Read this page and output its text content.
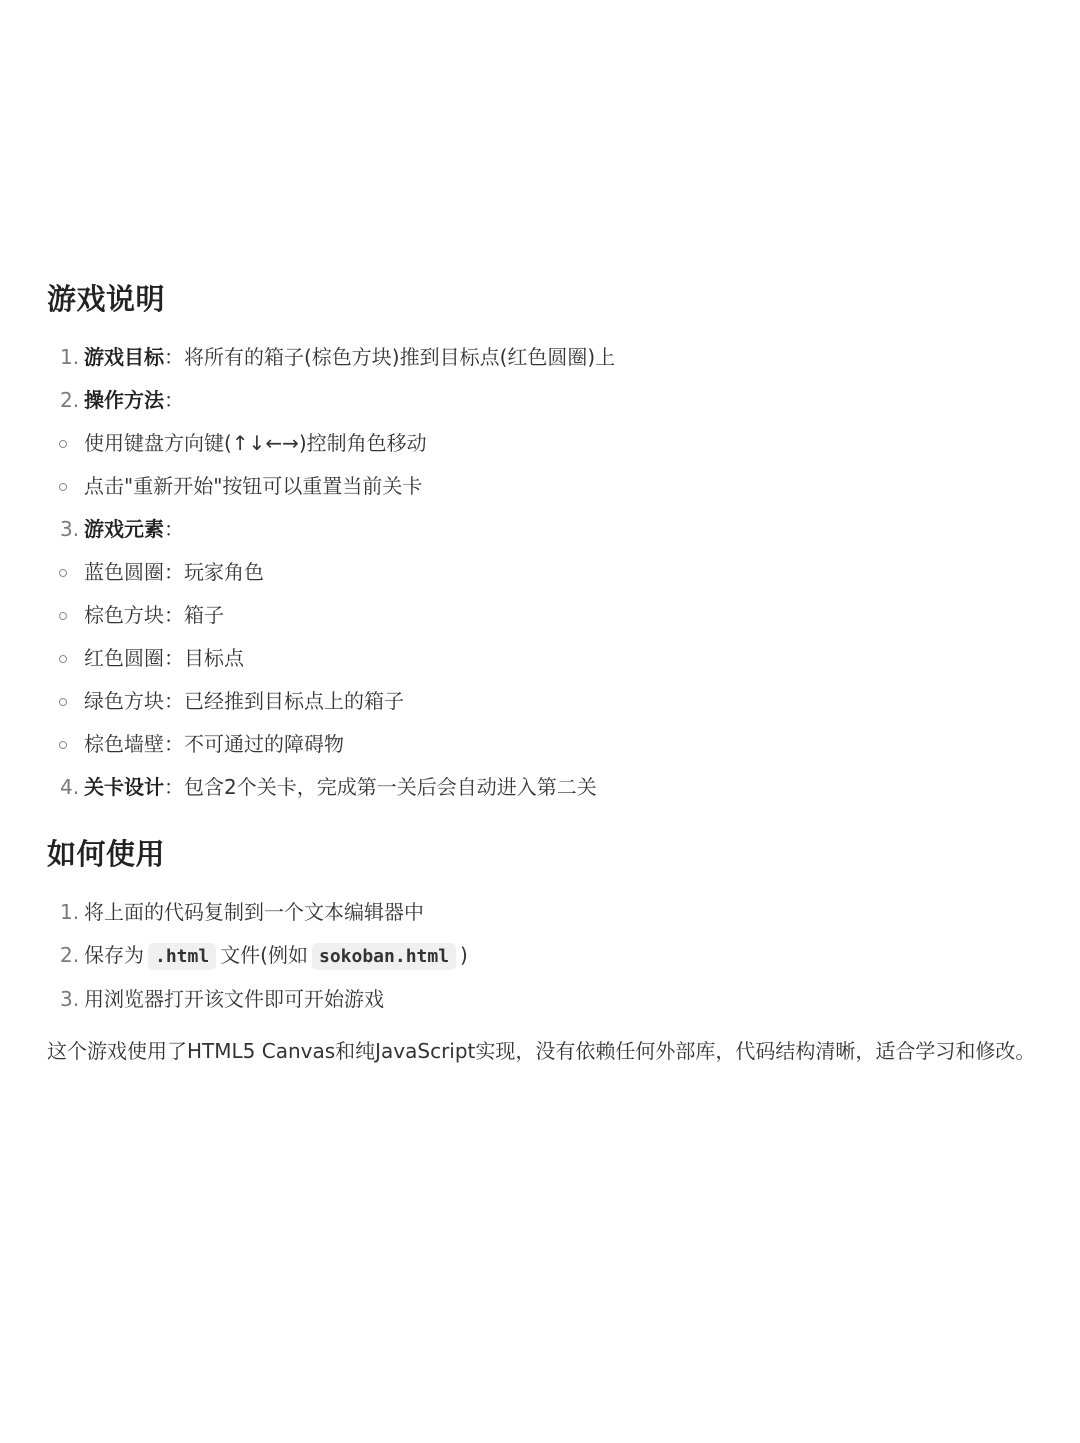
游戏说明
1. 游戏目标：将所有的箱子(棕色方块)推到目标点(红色圆圈)上
2. 操作方法：
使用键盘方向键(↑↓←→)控制角色移动
点击"重新开始"按钮可以重置当前关卡
3. 游戏元素：
蓝色圆圈：玩家角色
棕色方块：箱子
红色圆圈：目标点
绿色方块：已经推到目标点上的箱子
棕色墙壁：不可通过的障碍物
4. 关卡设计：包含2个关卡，完成第一关后会自动进入第二关
如何使用
1. 将上面的代码复制到一个文本编辑器中
2. 保存为 .html 文件(例如 sokoban.html )
3. 用浏览器打开该文件即可开始游戏

这个游戏使用了HTML5 Canvas和纯JavaScript实现，没有依赖任何外部库，代码结构清晰，适合学习和修改。
